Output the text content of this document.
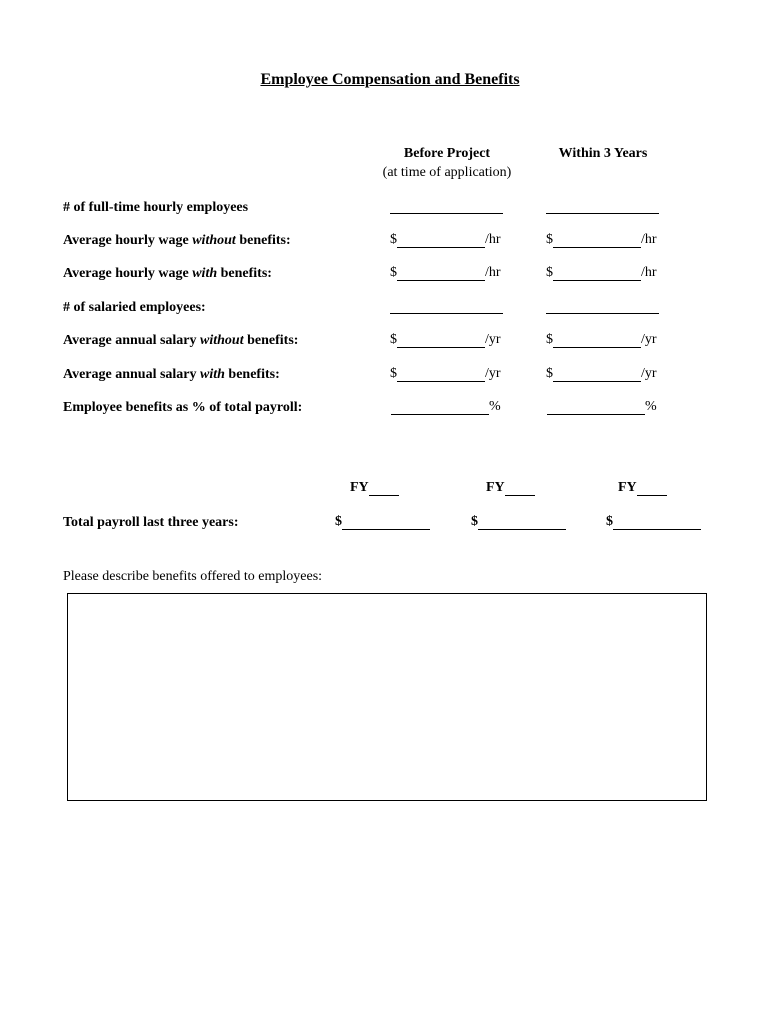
Employee Compensation and Benefits
Before Project
(at time of application)
Within 3 Years
# of full-time hourly employees
Average hourly wage without benefits:	$	/hr	$	/hr
Average hourly wage with benefits:	$	/hr	$	/hr
# of salaried employees:
Average annual salary without benefits:	$	/yr	$	/yr
Average annual salary with benefits:	$	/yr	$	/yr
Employee benefits as % of total payroll:	%	%
FY	FY	FY
Total payroll last three years:	$	$	$
Please describe benefits offered to employees:
